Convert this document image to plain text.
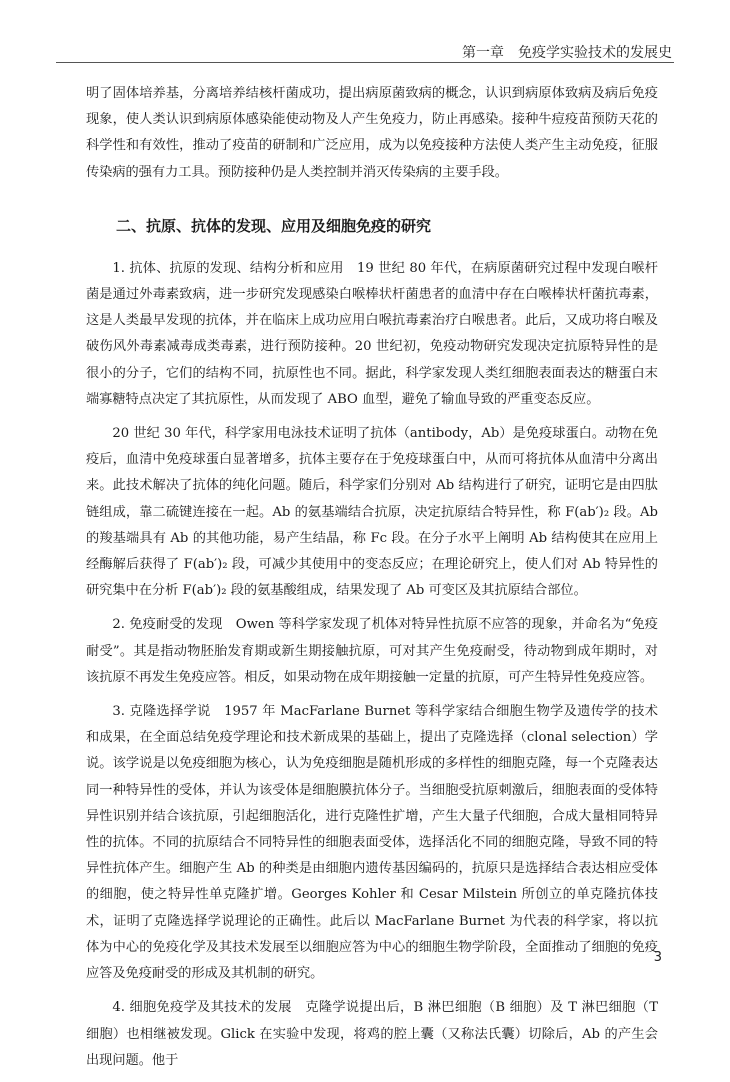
第一章　免疫学实验技术的发展史

明了固体培养基，分离培养结核杆菌成功，提出病原菌致病的概念，认识到病原体致病及病后免疫现象，使人类认识到病原体感染能使动物及人产生免疫力，防止再感染。接种牛痘疫苗预防天花的科学性和有效性，推动了疫苗的研制和广泛应用，成为以免疫接种方法使人类产生主动免疫，征服传染病的强有力工具。预防接种仍是人类控制并消灭传染病的主要手段。

二、抗原、抗体的发现、应用及细胞免疫的研究

1. 抗体、抗原的发现、结构分析和应用　19 世纪 80 年代，在病原菌研究过程中发现白喉杆菌是通过外毒素致病，进一步研究发现感染白喉棒状杆菌患者的血清中存在白喉棒状杆菌抗毒素，这是人类最早发现的抗体，并在临床上成功应用白喉抗毒素治疗白喉患者。此后，又成功将白喉及破伤风外毒素减毒成类毒素，进行预防接种。20 世纪初，免疫动物研究发现决定抗原特异性的是很小的分子，它们的结构不同，抗原性也不同。据此，科学家发现人类红细胞表面表达的糖蛋白末端寡糖特点决定了其抗原性，从而发现了 ABO 血型，避免了输血导致的严重变态反应。

20 世纪 30 年代，科学家用电泳技术证明了抗体（antibody，Ab）是免疫球蛋白。动物在免疫后，血清中免疫球蛋白显著增多，抗体主要存在于免疫球蛋白中，从而可将抗体从血清中分离出来。此技术解决了抗体的纯化问题。随后，科学家们分别对 Ab 结构进行了研究，证明它是由四肽链组成，靠二硫键连接在一起。Ab 的氨基端结合抗原，决定抗原结合特异性，称 F(ab′)₂ 段。Ab 的羧基端具有 Ab 的其他功能，易产生结晶，称 Fc 段。在分子水平上阐明 Ab 结构使其在应用上经酶解后获得了 F(ab′)₂ 段，可减少其使用中的变态反应；在理论研究上，使人们对 Ab 特异性的研究集中在分析 F(ab′)₂ 段的氨基酸组成，结果发现了 Ab 可变区及其抗原结合部位。

2. 免疫耐受的发现　Owen 等科学家发现了机体对特异性抗原不应答的现象，并命名为“免疫耐受”。其是指动物胚胎发育期或新生期接触抗原，可对其产生免疫耐受，待动物到成年期时，对该抗原不再发生免疫应答。相反，如果动物在成年期接触一定量的抗原，可产生特异性免疫应答。

3. 克隆选择学说　1957 年 MacFarlane Burnet 等科学家结合细胞生物学及遗传学的技术和成果，在全面总结免疫学理论和技术新成果的基础上，提出了克隆选择（clonal selection）学说。该学说是以免疫细胞为核心，认为免疫细胞是随机形成的多样性的细胞克隆，每一个克隆表达同一种特异性的受体，并认为该受体是细胞膜抗体分子。当细胞受抗原刺激后，细胞表面的受体特异性识别并结合该抗原，引起细胞活化，进行克隆性扩增，产生大量子代细胞，合成大量相同特异性的抗体。不同的抗原结合不同特异性的细胞表面受体，选择活化不同的细胞克隆，导致不同的特异性抗体产生。细胞产生 Ab 的种类是由细胞内遗传基因编码的，抗原只是选择结合表达相应受体的细胞，使之特异性单克隆扩增。Georges Kohler 和 Cesar Milstein 所创立的单克隆抗体技术，证明了克隆选择学说理论的正确性。此后以 MacFarlane Burnet 为代表的科学家，将以抗体为中心的免疫化学及其技术发展至以细胞应答为中心的细胞生物学阶段，全面推动了细胞的免疫应答及免疫耐受的形成及其机制的研究。

4. 细胞免疫学及其技术的发展　克隆学说提出后，B 淋巴细胞（B 细胞）及 T 淋巴细胞（T 细胞）也相继被发现。Glick 在实验中发现，将鸡的腔上囊（又称法氏囊）切除后，Ab 的产生会出现问题。他于

3
